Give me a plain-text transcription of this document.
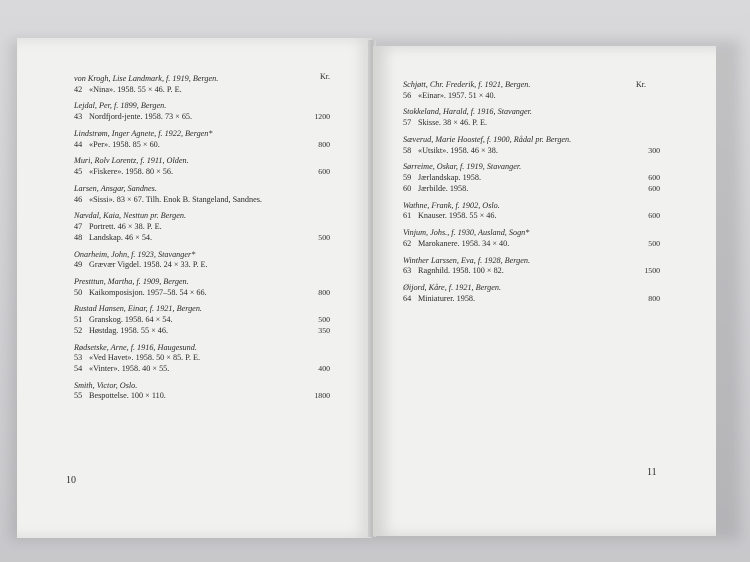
Kr.
von Krogh, Lise Landmark, f. 1919, Bergen.
42 «Nina». 1958. 55 × 46. P. E.
Lejdal, Per, f. 1899, Bergen.
43 Nordfjord-jente. 1958. 73 × 65.	1200
Lindstrøm, Inger Agnete, f. 1922, Bergen*
44 «Per». 1958. 85 × 60.	800
Muri, Rolv Lorentz, f. 1911, Olden.
45 «Fiskere». 1958. 80 × 56.	600
Larsen, Ansgar, Sandnes.
46 «Sissi». 83 × 67. Tilh. Enok B. Stangeland, Sandnes.
Nævdal, Kaia, Nesttun pr. Bergen.
47 Portrett. 46 × 38. P. E.
48 Landskap. 46 × 54.	500
Onarheim, John, f. 1923, Stavanger*
49 Grævær Vigdel. 1958. 24 × 33. P. E.
Prestttun, Martha, f. 1909, Bergen.
50 Kaikomposisjon. 1957–58. 54 × 66.	800
Rustad Hansen, Einar, f. 1921, Bergen.
51 Granskog. 1958. 64 × 54.	500
52 Høstdag. 1958. 55 × 46.	350
Rødsetske, Arne, f. 1916, Haugesund.
53 «Ved Havet». 1958. 50 × 85. P. E.
54 «Vinter». 1958. 40 × 55.	400
Smith, Victor, Oslo.
55 Bespottelse. 100 × 110.	1800
10
Kr.
Schjøtt, Chr. Frederik, f. 1921, Bergen.
56 «Einar». 1957. 51 × 40.
Stokkeland, Harald, f. 1916, Stavanger.
57 Skisse. 38 × 46. P. E.
Sæverud, Marie Hoostef, f. 1900, Rådal pr. Bergen.
58 «Utsikt». 1958. 46 × 38.	300
Sørreime, Oskar, f. 1919, Stavanger.
59 Jærlandskap. 1958.	600
60 Jærbilde. 1958.	600
Wathne, Frank, f. 1902, Oslo.
61 Knauser. 1958. 55 × 46.	600
Vinjum, Johs., f. 1930, Ausland, Sogn*
62 Marokanere. 1958. 34 × 40.	500
Winther Larssen, Eva, f. 1928, Bergen.
63 Ragnhild. 1958. 100 × 82.	1500
Øijord, Kåre, f. 1921, Bergen.
64 Miniaturer. 1958.	800
11
